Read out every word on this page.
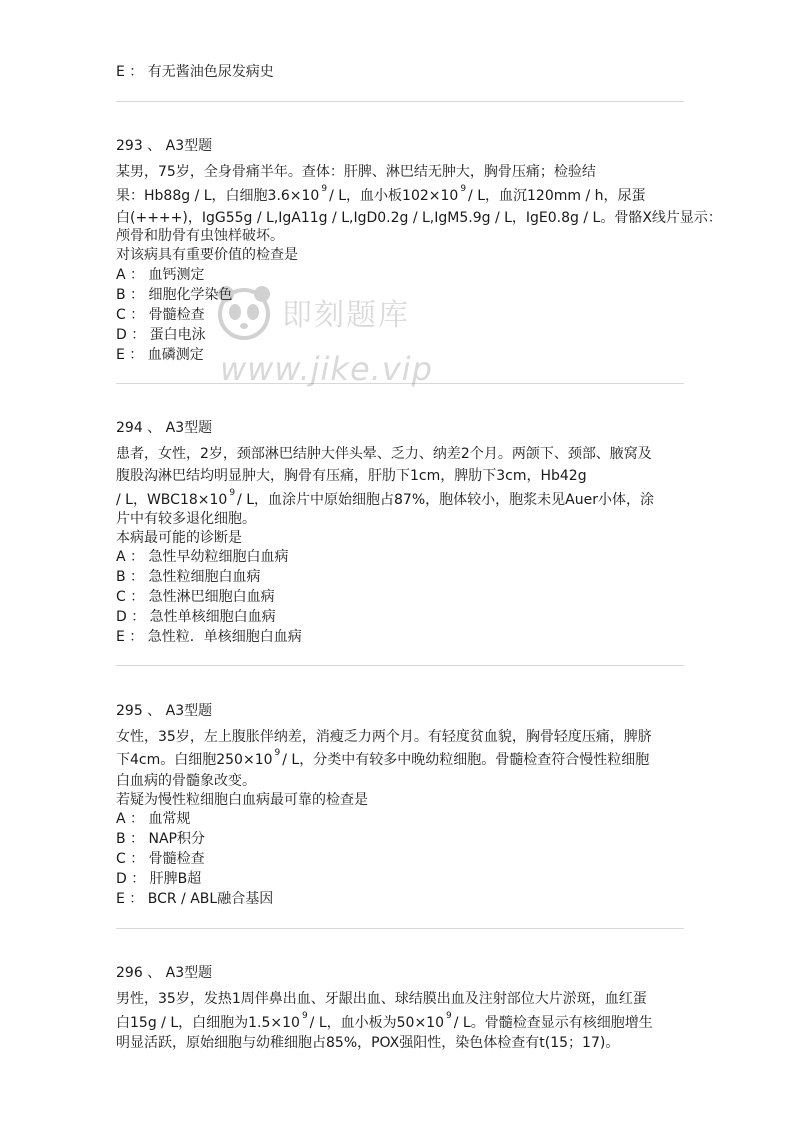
E ： 有无酱油色尿发病史
293 、 A3型题
某男，75岁，全身骨痛半年。查体：肝脾、淋巴结无肿大，胸骨压痛；检验结
果：Hb88g / L，白细胞3.6×10 $^9$ / L，血小板102×10 $^9$ / L，血沉120mm / h，尿蛋
白(++++)，IgG55g / L,IgA11g / L,IgD0.2g / L,IgM5.9g / L，IgE0.8g / L。骨骼X线片显示：
颅骨和肋骨有虫蚀样破坏。
对该病具有重要价值的检查是
A ： 血钙测定
B ： 细胞化学染色
C ： 骨髓检查
D ： 蛋白电泳
E ： 血磷测定
294 、 A3型题
患者，女性，2岁，颈部淋巴结肿大伴头晕、乏力、纳差2个月。两颌下、颈部、腋窝及
腹股沟淋巴结均明显肿大，胸骨有压痛，肝肋下1cm，脾肋下3cm，Hb42g
/ L，WBC18×10 $^9$ / L，血涂片中原始细胞占87%，胞体较小，胞浆未见Auer小体，涂
片中有较多退化细胞。
本病最可能的诊断是
A ： 急性早幼粒细胞白血病
B ： 急性粒细胞白血病
C ： 急性淋巴细胞白血病
D ： 急性单核细胞白血病
E ： 急性粒．单核细胞白血病
295 、 A3型题
女性，35岁，左上腹胀伴纳差，消瘦乏力两个月。有轻度贫血貌，胸骨轻度压痛，脾脐
下4cm。白细胞250×10 $^9$ / L，分类中有较多中晚幼粒细胞。骨髓检查符合慢性粒细胞
白血病的骨髓象改变。
若疑为慢性粒细胞白血病最可靠的检查是
A ： 血常规
B ： NAP积分
C ： 骨髓检查
D ： 肝脾B超
E ： BCR / ABL融合基因
296 、 A3型题
男性，35岁，发热1周伴鼻出血、牙龈出血、球结膜出血及注射部位大片淤斑，血红蛋
白15g / L，白细胞为1.5×10 $^9$ / L，血小板为50×10 $^9$ / L。骨髓检查显示有核细胞增生
明显活跃，原始细胞与幼稚细胞占85%，POX强阳性，染色体检查有t(15；17)。
即刻题库
www.jike.vip
